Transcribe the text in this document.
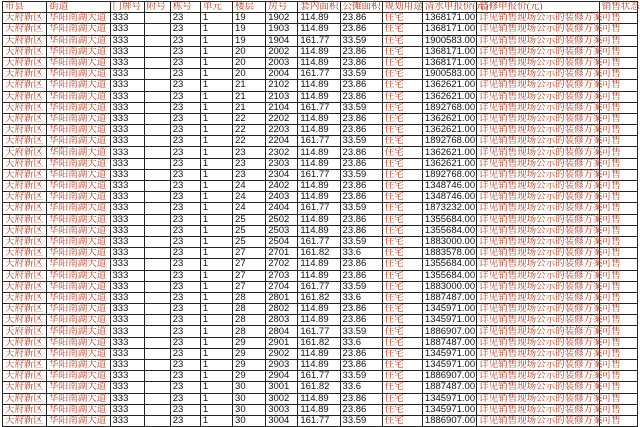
市县	街道	门牌号	附号	栋号	单元	楼层	房号	套内面积	公摊面积	规划用途	清水申报价(元)	装修申报价(元)	销售状态
天府新区	华阳南湖大道	333		23	1	19	1902	114.89	23.86	住宅	1368171.00	详见销售现场公示的装修方案	可售
天府新区	华阳南湖大道	333		23	1	19	1903	114.89	23.86	住宅	1368171.00	详见销售现场公示的装修方案	可售
天府新区	华阳南湖大道	333		23	1	19	1904	161.77	33.59	住宅	1900583.00	详见销售现场公示的装修方案	可售
天府新区	华阳南湖大道	333		23	1	20	2002	114.89	23.86	住宅	1368171.00	详见销售现场公示的装修方案	可售
天府新区	华阳南湖大道	333		23	1	20	2003	114.89	23.86	住宅	1368171.00	详见销售现场公示的装修方案	可售
天府新区	华阳南湖大道	333		23	1	20	2004	161.77	33.59	住宅	1900583.00	详见销售现场公示的装修方案	可售
天府新区	华阳南湖大道	333		23	1	21	2102	114.89	23.86	住宅	1362621.00	详见销售现场公示的装修方案	可售
天府新区	华阳南湖大道	333		23	1	21	2103	114.89	23.86	住宅	1362621.00	详见销售现场公示的装修方案	可售
天府新区	华阳南湖大道	333		23	1	21	2104	161.77	33.59	住宅	1892768.00	详见销售现场公示的装修方案	可售
天府新区	华阳南湖大道	333		23	1	22	2202	114.89	23.86	住宅	1362621.00	详见销售现场公示的装修方案	可售
天府新区	华阳南湖大道	333		23	1	22	2203	114.89	23.86	住宅	1362621.00	详见销售现场公示的装修方案	可售
天府新区	华阳南湖大道	333		23	1	22	2204	161.77	33.59	住宅	1892768.00	详见销售现场公示的装修方案	可售
天府新区	华阳南湖大道	333		23	1	23	2302	114.89	23.86	住宅	1362621.00	详见销售现场公示的装修方案	可售
天府新区	华阳南湖大道	333		23	1	23	2303	114.89	23.86	住宅	1362621.00	详见销售现场公示的装修方案	可售
天府新区	华阳南湖大道	333		23	1	23	2304	161.77	33.59	住宅	1892768.00	详见销售现场公示的装修方案	可售
天府新区	华阳南湖大道	333		23	1	24	2402	114.89	23.86	住宅	1348746.00	详见销售现场公示的装修方案	可售
天府新区	华阳南湖大道	333		23	1	24	2403	114.89	23.86	住宅	1348746.00	详见销售现场公示的装修方案	可售
天府新区	华阳南湖大道	333		23	1	24	2404	161.77	33.59	住宅	1873232.00	详见销售现场公示的装修方案	可售
天府新区	华阳南湖大道	333		23	1	25	2502	114.89	23.86	住宅	1355684.00	详见销售现场公示的装修方案	可售
天府新区	华阳南湖大道	333		23	1	25	2503	114.89	23.86	住宅	1355684.00	详见销售现场公示的装修方案	可售
天府新区	华阳南湖大道	333		23	1	25	2504	161.77	33.59	住宅	1883000.00	详见销售现场公示的装修方案	可售
天府新区	华阳南湖大道	333		23	1	27	2701	161.82	33.6	住宅	1883578.00	详见销售现场公示的装修方案	可售
天府新区	华阳南湖大道	333		23	1	27	2702	114.89	23.86	住宅	1355684.00	详见销售现场公示的装修方案	可售
天府新区	华阳南湖大道	333		23	1	27	2703	114.89	23.86	住宅	1355684.00	详见销售现场公示的装修方案	可售
天府新区	华阳南湖大道	333		23	1	27	2704	161.77	33.59	住宅	1883000.00	详见销售现场公示的装修方案	可售
天府新区	华阳南湖大道	333		23	1	28	2801	161.82	33.6	住宅	1887487.00	详见销售现场公示的装修方案	可售
天府新区	华阳南湖大道	333		23	1	28	2802	114.89	23.86	住宅	1345971.00	详见销售现场公示的装修方案	可售
天府新区	华阳南湖大道	333		23	1	28	2803	114.89	23.86	住宅	1345971.00	详见销售现场公示的装修方案	可售
天府新区	华阳南湖大道	333		23	1	28	2804	161.77	33.59	住宅	1886907.00	详见销售现场公示的装修方案	可售
天府新区	华阳南湖大道	333		23	1	29	2901	161.82	33.6	住宅	1887487.00	详见销售现场公示的装修方案	可售
天府新区	华阳南湖大道	333		23	1	29	2902	114.89	23.86	住宅	1345971.00	详见销售现场公示的装修方案	可售
天府新区	华阳南湖大道	333		23	1	29	2903	114.89	23.86	住宅	1345971.00	详见销售现场公示的装修方案	可售
天府新区	华阳南湖大道	333		23	1	29	2904	161.77	33.59	住宅	1886907.00	详见销售现场公示的装修方案	可售
天府新区	华阳南湖大道	333		23	1	30	3001	161.82	33.6	住宅	1887487.00	详见销售现场公示的装修方案	可售
天府新区	华阳南湖大道	333		23	1	30	3002	114.89	23.86	住宅	1345971.00	详见销售现场公示的装修方案	可售
天府新区	华阳南湖大道	333		23	1	30	3003	114.89	23.86	住宅	1345971.00	详见销售现场公示的装修方案	可售
天府新区	华阳南湖大道	333		23	1	30	3004	161.77	33.59	住宅	1886907.00	详见销售现场公示的装修方案	可售
